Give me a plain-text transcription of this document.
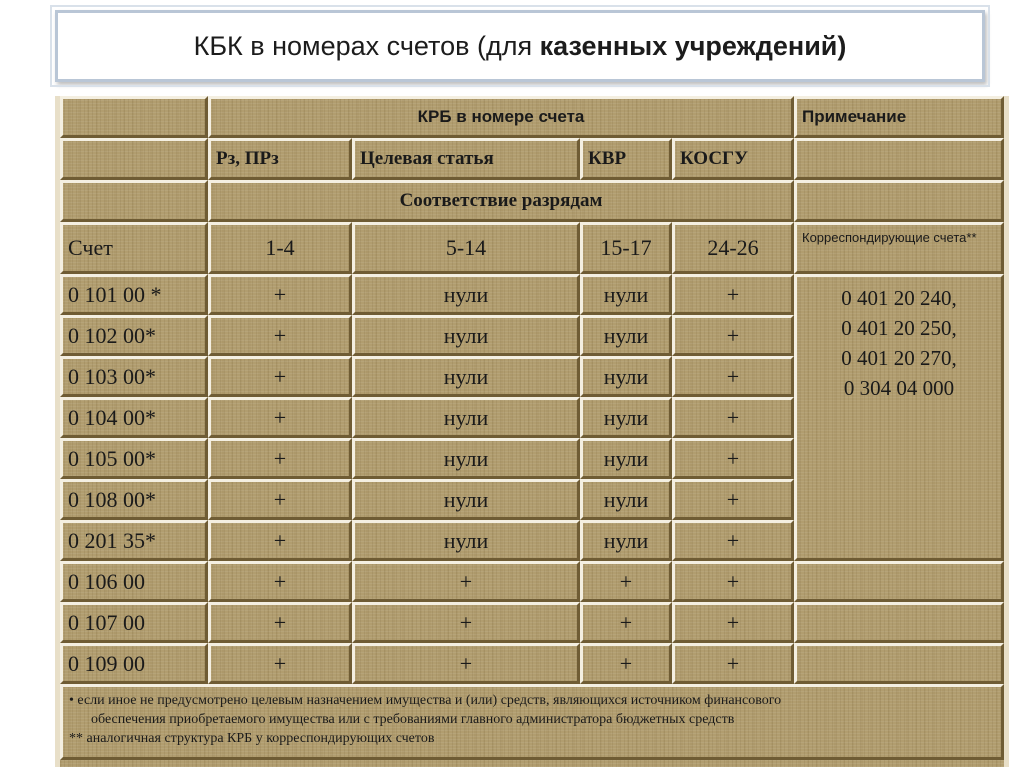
КБК в номерах счетов (для казенных учреждений)
	КРБ в номере счета				Примечание
	Рз, ПРз	Целевая статья	КВР	КОСГУ	
	Соответствие разрядам				
Счет	1-4	5-14	15-17	24-26	Корреспондирующие счета**
0 101 00 *	+	нули	нули	+	0 401 20 240,
0 401 20 250,
0 401 20 270,
0 304 04 000

0 102 00*	+	нули	нули	+	
0 103 00*	+	нули	нули	+	
0 104 00*	+	нули	нули	+	
0 105 00*	+	нули	нули	+	
0 108 00*	+	нули	нули	+	
0 201 35*	+	нули	нули	+	
0 106 00	+	+	+	+	
0 107 00	+	+	+	+	
0 109 00	+	+	+	+	

• если иное не предусмотрено целевым назначением имущества и (или) средств, являющихся источником финансового
обеспечения приобретаемого имущества или с требованиями главного администратора бюджетных средств
** аналогичная структура КРБ у корреспондирующих счетов					
